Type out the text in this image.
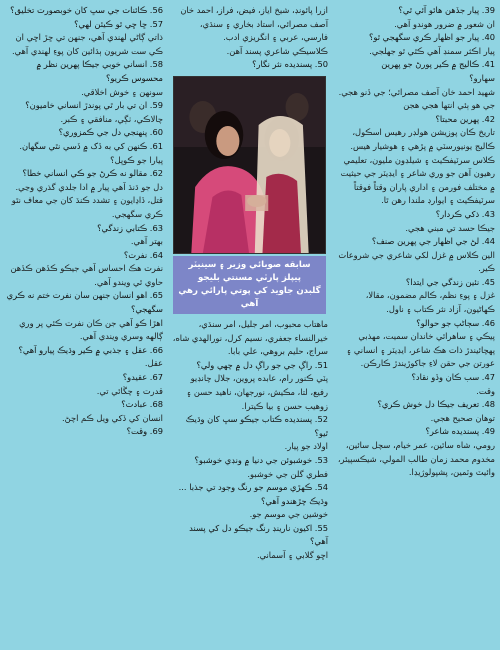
39. پيار جڏهن هائو آئي ٿي؟
ان شعور ۾ ضرور هوندو آهي.
40. پيار جو اظهار ڪري سگهجي ٿو؟
پيار اڪثر سمنڊ آهي ڪٿي ٿو جهلجي.
41. ڪاليج ۾ ڪير پورڻ جو پهرين
سهارو؟
شهيد احمد خان آصف مصرائي؛ جي ڏنو هجي. جي هو ٻئي انتها هجي هجن
42. پهرين محبتا؟
تاريخ ڪان پوزيشن هولڊر رهيس اسڪول، ڪاليج يونيورسٽي ۾ پڙهي ۽ هوشيار هيس. ڪلاس سرٽيفڪيٽ ۽ شيلڊون مليون، تعليمي رهيون آهن جو وري شاعر ۽ ايڊيٽر جي حيثيت ۾ مختلف فورمن ۽ اداري پاران وقتاً فوقتاً سرٽيفڪيٽ ۽ ايوارڊ ملندا رهن ٿا.
43. ذکي ڪردار؟
جيڪا حسد تي مبني هجي.
44. لڻ جي اظهار جي پهرين صنف؟
الين ڪلاس ۾ غزل لکي شاعري جي شروعات ڪير.
45. نئين زندگي جي ايتدا؟
غزل ۽ پوءِ نظم، ڪالم مضمون، مقالا، ڪهاڻيون، آزاد نثر ڪتاب ۽ ناول.
46. سڄاڻپ جو حوالو؟
پيڪي ۽ ساهرائي خاندان سميت، مهذبي پهچائيندڙ ذات هڪ شاعر، ايڊيٽر ۽ انساني ۽ عورتن جي حقن لاءِ جاکوڙيندڙ ڪارڪن.
47. سب ڪان وڏو نقاد؟
وقت.
48. تعريف جيڪا دل خوش ڪري؟
توهان صحيح هجي.
49. پسنديده شاعر؟
رومي، شاه سائين، عمر خيام، سچل سائين، مخدوم محمد زمان طالب المولي، شيڪسپيئر، وائيٽ وٽمين، پشپولوژيڊا.
ازرا پائونڊ، شيخ اياز، فيض، فراز، احمد خان آصف مصرائي، استاد بخاري ۽ سنڌي، فارسي، عربي ۽ انگريزي ادب.
ڪلاسيڪي شاعري پسند آهن.
50. پسنديده نثر نگار؟
سابقه صوبائي وزير ۽ سينيٽر
پيپلز پارٽي مسنتي بليجو
گلبدن جاويد کي پوتي پارائي رهي آهي
ماهتاب محبوب، امر جليل، امر سنڌي، خيرالنساء جعفري، نسيم کرل، نورالهدي شاه، سراج، حليم بروهي، علي بابا.
51. راڳ جي جو راڳ دل ۾ چهي ولي؟
پٽي ڪنور رام، عابده پروين، جلال چانڊيو رفيع، لتا، مڪيش، نورجهان، ناهيد حسن ۽ زوهيب حسن ۽ بيا ڪيترا.
52. پسنديده ڪتاب جيڪو سڀ کان وڌيڪ ٿيو؟
اولاد جو پيار.
53. خوشبوئن جي دنيا ۾ ونڊي خوشبو؟
فطري گلن جي خوشبو.
54. ڪهڙي موسم جو رنگ وجود تي جذبا ... وڌيڪ چڙهندو آهي؟
خوشين جي موسم جو.
55. اکيون نارينڊ رنگ جيڪو دل کي پسند آهي؟
اڇو گلابي ۽ آسماني.
56. ڪائنات جي سڀ کان خوبصورت تخليق؟
57. ڇا ڇي ٿو ڪيئن لهي؟
ذاتي ڳاڻي لهندي آهي، جنهن تي ڇڙ اڇي ان ڪي ست شريون ٻڌائين کان پوءِ لهندي آهي.
58. انساني خوبي جيڪا پهرين نظر ۾ محسوس ڪريو؟
سونهن ۽ خوش اخلاقي.
59. ان تي بار ٿي پوندڙ انساني خاميون؟
چالاڪي، ٺڳي، منافقي ۽ ڪبر.
60. پنهنجي دل جي ڪمزوري؟
61. ڪنهن کي به ڏک ۾ ڏسي نٿي سگهان.
پيارا جو ڪوپل؟
62. مقالو نه ڪرڻ جو ڪي انساني خطا؟
دل جو ڌنڌ آهي پيار ۾ ادا جلدي گذري وڃي. قتل، ڏاڍايون ۽ تشدد ڪنڌ کان جي معاف نٿو ڪري سگهجي.
63. ڪتابي زندگي؟
بهتر آهي.
64. نفرت؟
نفرت هڪ احساس آهي جيڪو ڪڏهن ڪڏهن حاوي ٿي ويندو آهي.
65. اهو انسان جنهن سان نفرت ختم نه ڪري سگهجي؟
اهڙا ڪو آهي جن ڪان نفرت ڪئي پر وري ڳالهه وسري ويندي آهي.
66. عقل ۽ جذبي ۾ ڪير وڌيڪ پيارو آهي؟
عقل.
67. عقيدو؟
قدرت ۽ چڱائي تي.
68. عبادت؟
انسان کي ڏکي ويل ڪم اچڻ.
69. وقت؟
